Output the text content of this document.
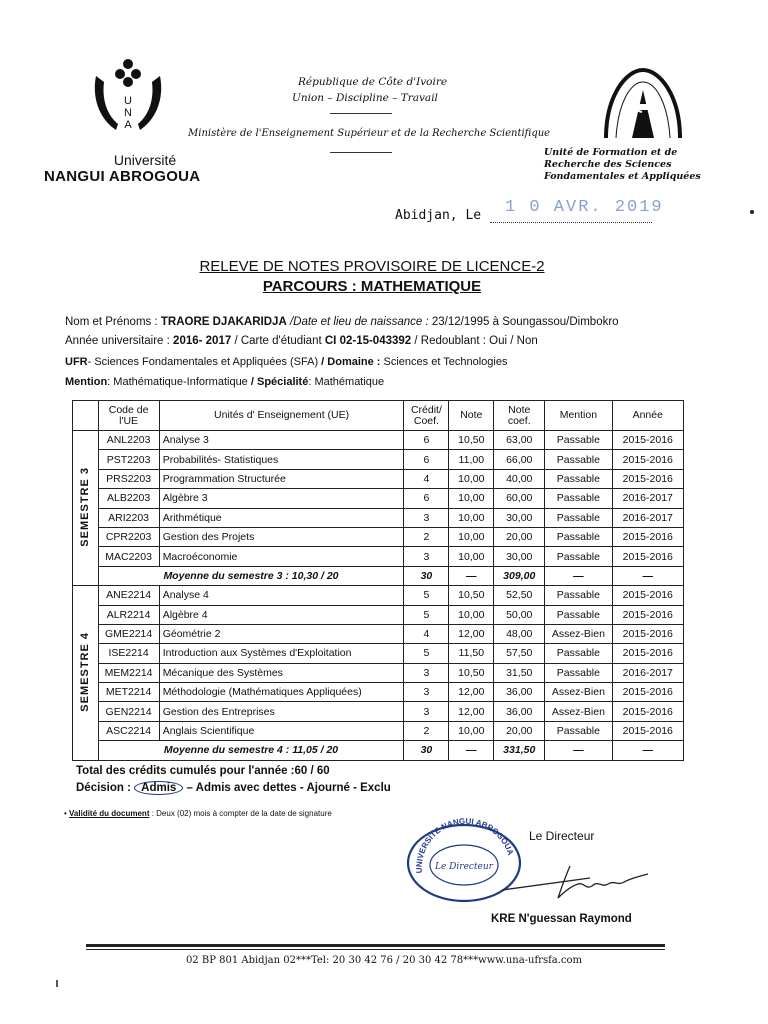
U
N
A
Université
NANGUI ABROGOUA
République de Côte d'Ivoire
Union – Discipline – Travail
Ministère de l'Enseignement Supérieur et de la Recherche Scientifique
Unité de Formation et de
Recherche des Sciences
Fondamentales et Appliquées
Abidjan, Le 1 0 AVR. 2019
RELEVE DE NOTES PROVISOIRE DE LICENCE-2
PARCOURS : MATHEMATIQUE
Nom et Prénoms : TRAORE DJAKARIDJA /Date et lieu de naissance : 23/12/1995 à Soungassou/Dimbokro
Année universitaire : 2016- 2017 / Carte d'étudiant CI 02-15-043392 / Redoublant : Oui / Non
UFR- Sciences Fondamentales et Appliquées (SFA) / Domaine : Sciences et Technologies
Mention: Mathématique-Informatique / Spécialité: Mathématique
	Code de l'UE	Unités d' Enseignement (UE)	Crédit/ Coef.	Note	Note coef.	Mention	Année
SEMESTRE 3	ANL2203	Analyse 3	6	10,50	63,00	Passable	2015-2016
	PST2203	Probabilités- Statistiques	6	11,00	66,00	Passable	2015-2016
	PRS2203	Programmation Structurée	4	10,00	40,00	Passable	2015-2016
	ALB2203	Algèbre 3	6	10,00	60,00	Passable	2016-2017
	ARI2203	Arithmétique	3	10,00	30,00	Passable	2016-2017
	CPR2203	Gestion des Projets	2	10,00	20,00	Passable	2015-2016
	MAC2203	Macroéconomie	3	10,00	30,00	Passable	2015-2016
	Moyenne du semestre 3 : 10,30 / 20		30	—	309,00	—	—
SEMESTRE 4	ANE2214	Analyse 4	5	10,50	52,50	Passable	2015-2016
	ALR2214	Algèbre 4	5	10,00	50,00	Passable	2015-2016
	GME2214	Géométrie 2	4	12,00	48,00	Assez-Bien	2015-2016
	ISE2214	Introduction aux Systèmes d'Exploitation	5	11,50	57,50	Passable	2015-2016
	MEM2214	Mécanique des Systèmes	3	10,50	31,50	Passable	2016-2017
	MET2214	Méthodologie (Mathématiques Appliquées)	3	12,00	36,00	Assez-Bien	2015-2016
	GEN2214	Gestion des Entreprises	3	12,00	36,00	Assez-Bien	2015-2016
	ASC2214	Anglais Scientifique	2	10,00	20,00	Passable	2015-2016
	Moyenne du semestre 4 : 11,05 / 20		30	—	331,50	—	—
Total des crédits cumulés pour l'année :60 / 60
Décision : Admis – Admis avec dettes - Ajourné - Exclu
• Validité du document : Deux (02) mois à compter de la date de signature
UNIVERSITE NANGUI ABROGOUA
Le Directeur
Le Directeur
KRE N'guessan Raymond
02 BP 801 Abidjan 02***Tel: 20 30 42 76 / 20 30 42 78***www.una-ufrsfa.com
